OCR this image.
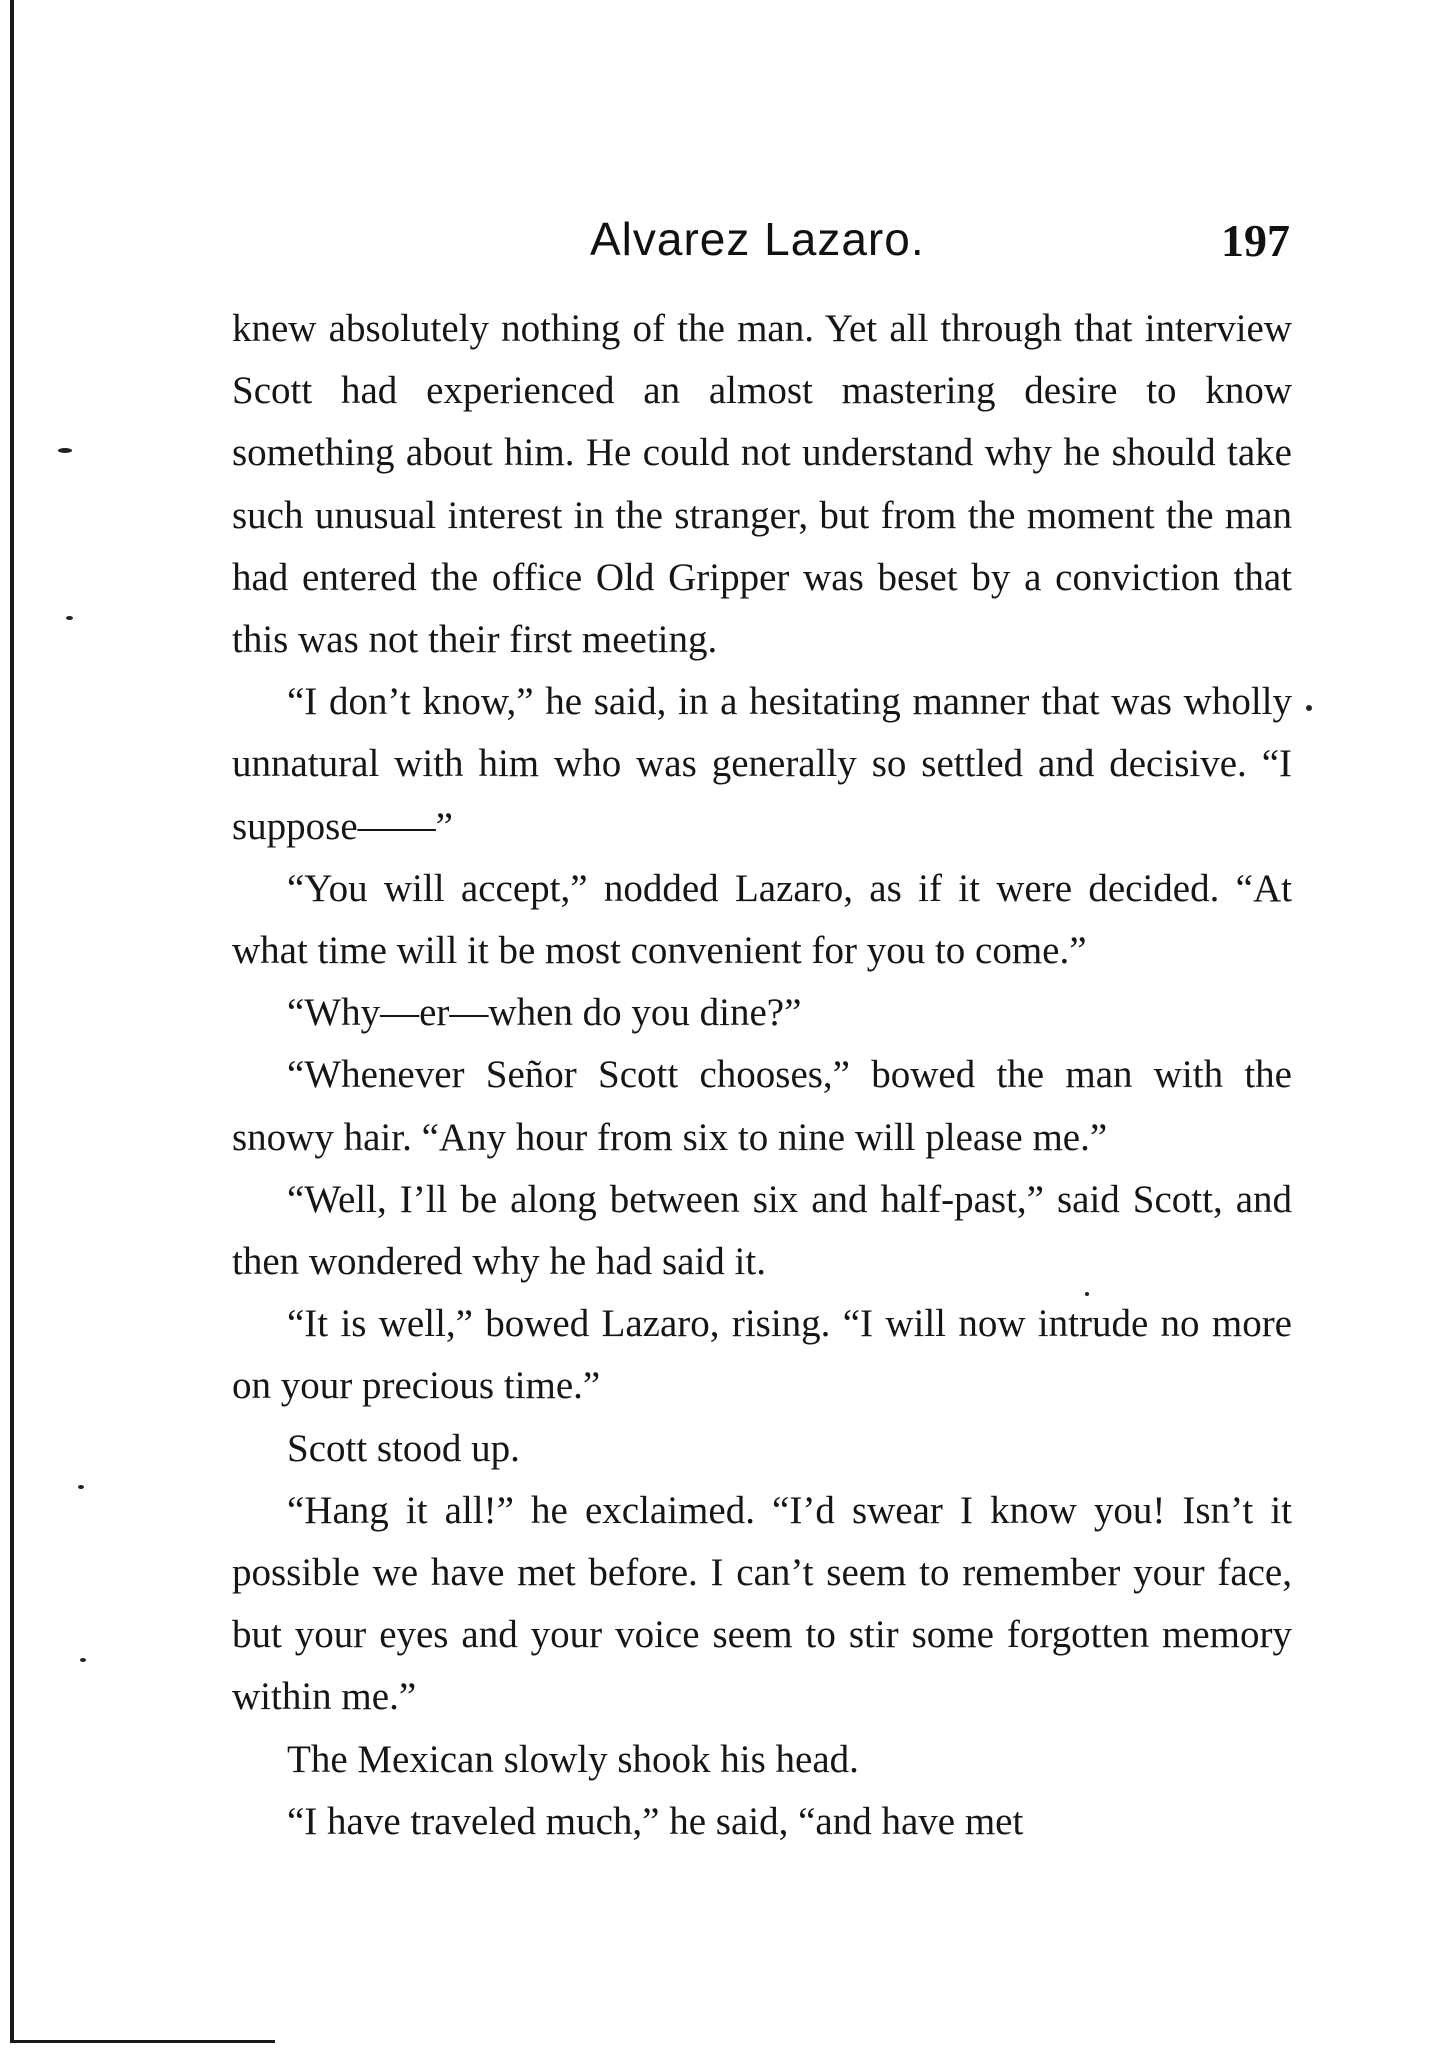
Alvarez Lazaro.	197

knew absolutely nothing of the man. Yet all through that interview Scott had experienced an almost mastering desire to know something about him. He could not understand why he should take such unusual interest in the stranger, but from the moment the man had entered the office Old Gripper was beset by a conviction that this was not their first meeting.

“I don’t know,” he said, in a hesitating manner that was wholly unnatural with him who was generally so settled and decisive. “I suppose——”

“You will accept,” nodded Lazaro, as if it were decided. “At what time will it be most convenient for you to come.”

“Why—er—when do you dine?”

“Whenever Señor Scott chooses,” bowed the man with the snowy hair. “Any hour from six to nine will please me.”

“Well, I’ll be along between six and half-past,” said Scott, and then wondered why he had said it.

“It is well,” bowed Lazaro, rising. “I will now intrude no more on your precious time.”

Scott stood up.

“Hang it all!” he exclaimed. “I’d swear I know you! Isn’t it possible we have met before. I can’t seem to remember your face, but your eyes and your voice seem to stir some forgotten memory within me.”

The Mexican slowly shook his head.

“I have traveled much,” he said, “and have met
